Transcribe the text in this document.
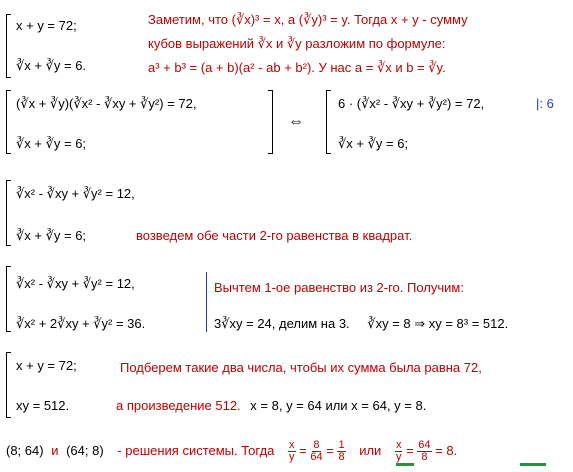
x + y = 72;
∛x + ∛y = 6.
Заметим, что (∛x)³ = x, а (∛y)³ = y. Тогда x + y - сумму
кубов выражений ∛x и ∛y разложим по формуле:
a³ + b³ = (a + b)(a² - ab + b²). У нас a = ∛x и b = ∛y.
(∛x + ∛y)(∛x² - ∛xy + ∛y²) = 72,
∛x + ∛y = 6;
⇔
6 · (∛x² - ∛xy + ∛y²) = 72,	|: 6
∛x + ∛y = 6;
∛x² - ∛xy + ∛y² = 12,
∛x + ∛y = 6;	возведем обе части 2-го равенства в квадрат.
∛x² - ∛xy + ∛y² = 12,
∛x² + 2∛xy + ∛y² = 36.
Вычтем 1-ое равенство из 2-го. Получим:
3∛xy = 24, делим на 3. ∛xy = 8 ⇒ xy = 8³ = 512.
x + y = 72;
xy = 512.
Подберем такие два числа, чтобы их сумма была равна 72,
а произведение 512. x = 8, y = 64 или x = 64, y = 8.
(8; 64) и (64; 8) - решения системы. Тогда $\frac{x}{y} = \frac{8}{64} = \frac{1}{8}$ или $\frac{x}{y} = \frac{64}{8} = 8$.
